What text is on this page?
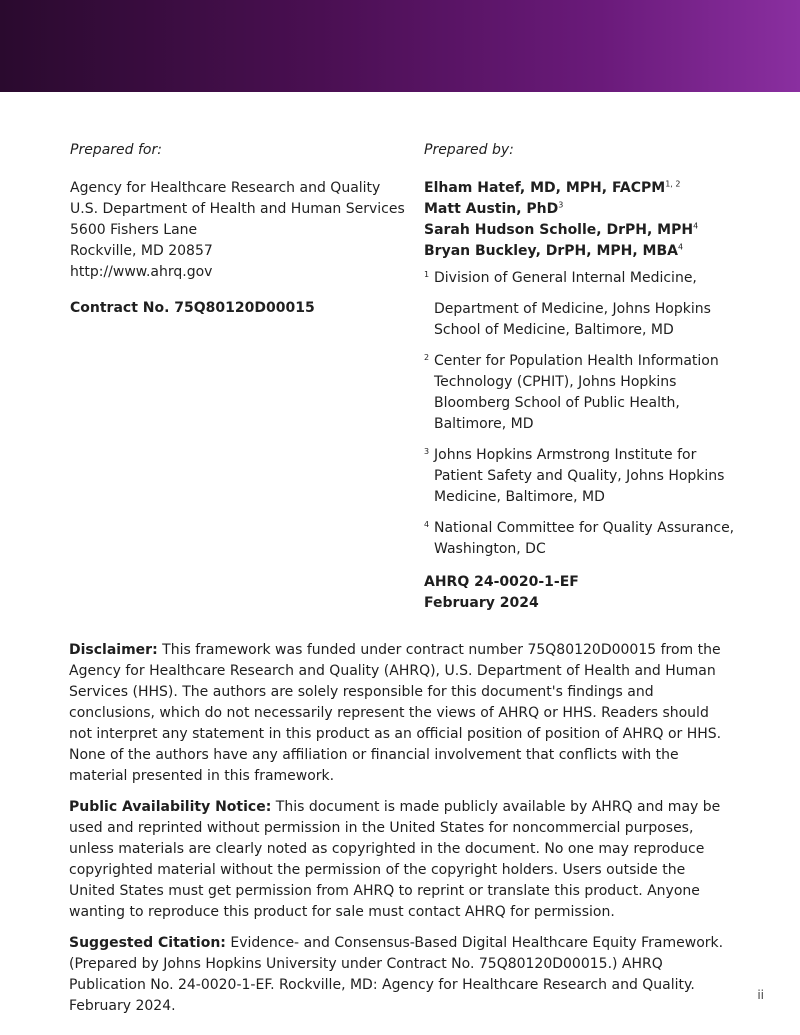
Prepared for:

Agency for Healthcare Research and Quality
U.S. Department of Health and Human Services
5600 Fishers Lane
Rockville, MD 20857
http://www.ahrq.gov
Contract No. 75Q80120D00015

Prepared by:

Elham Hatef, MD, MPH, FACPM$^{1, 2}$
Matt Austin, PhD$^3$
Sarah Hudson Scholle, DrPH, MPH$^4$
Bryan Buckley, DrPH, MPH, MBA$^4$
1 Division of General Internal Medicine,
Department of Medicine, Johns Hopkins
School of Medicine, Baltimore, MD
2 Center for Population Health Information
Technology (CPHIT), Johns Hopkins
Bloomberg School of Public Health,
Baltimore, MD
3 Johns Hopkins Armstrong Institute for
Patient Safety and Quality, Johns Hopkins
Medicine, Baltimore, MD
4 National Committee for Quality Assurance,
Washington, DC
AHRQ 24-0020-1-EF
February 2024

Disclaimer: This framework was funded under contract number 75Q80120D00015 from the Agency for Healthcare Research and Quality (AHRQ), U.S. Department of Health and Human Services (HHS). The authors are solely responsible for this document's findings and conclusions, which do not necessarily represent the views of AHRQ or HHS. Readers should not interpret any statement in this product as an official position of position of AHRQ or HHS. None of the authors have any affiliation or financial involvement that conflicts with the material presented in this framework.

Public Availability Notice: This document is made publicly available by AHRQ and may be used and reprinted without permission in the United States for noncommercial purposes, unless materials are clearly noted as copyrighted in the document. No one may reproduce copyrighted material without the permission of the copyright holders. Users outside the United States must get permission from AHRQ to reprint or translate this product. Anyone wanting to reproduce this product for sale must contact AHRQ for permission.

Suggested Citation: Evidence- and Consensus-Based Digital Healthcare Equity Framework. (Prepared by Johns Hopkins University under Contract No. 75Q80120D00015.) AHRQ Publication No. 24-0020-1-EF. Rockville, MD: Agency for Healthcare Research and Quality. February 2024.

ii
